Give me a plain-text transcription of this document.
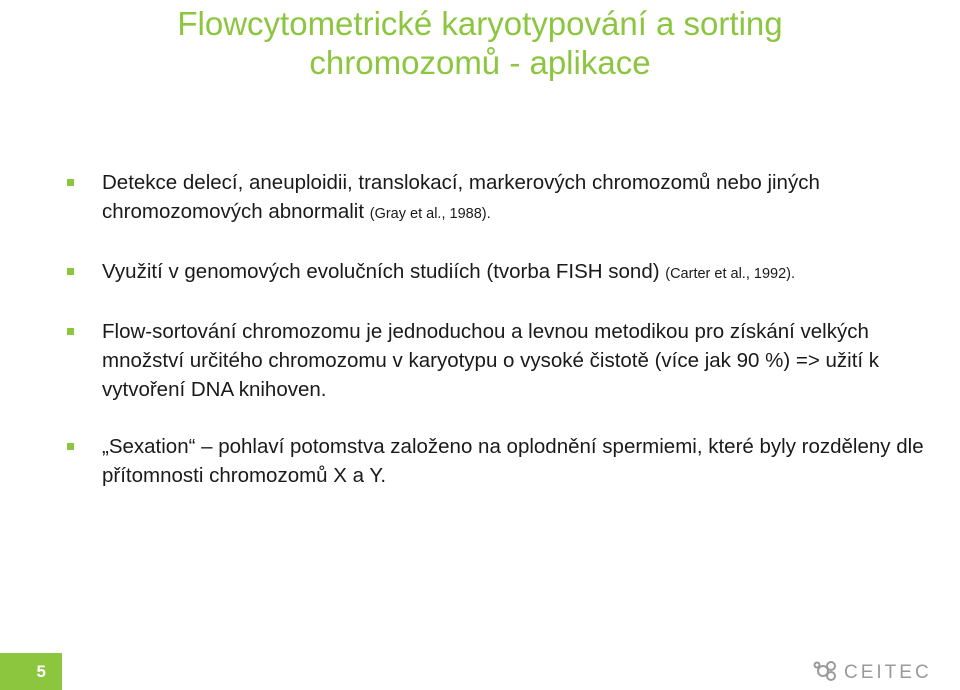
Flowcytometrické karyotypování a sorting
chromozomů - aplikace
Detekce delecí, aneuploidii, translokací, markerových chromozomů nebo jiných chromozomových abnormalit (Gray et al., 1988).
Využití v genomových evolučních studiích (tvorba FISH sond) (Carter et al., 1992).
Flow-sortování chromozomu je jednoduchou a levnou metodikou pro získání velkých množství určitého chromozomu v karyotypu o vysoké čistotě (více jak 90 %) => užití k vytvoření DNA knihoven.
„Sexation“ – pohlaví potomstva založeno na oplodnění spermiemi, které byly rozděleny dle přítomnosti chromozomů X a Y.
5	CEITEC
